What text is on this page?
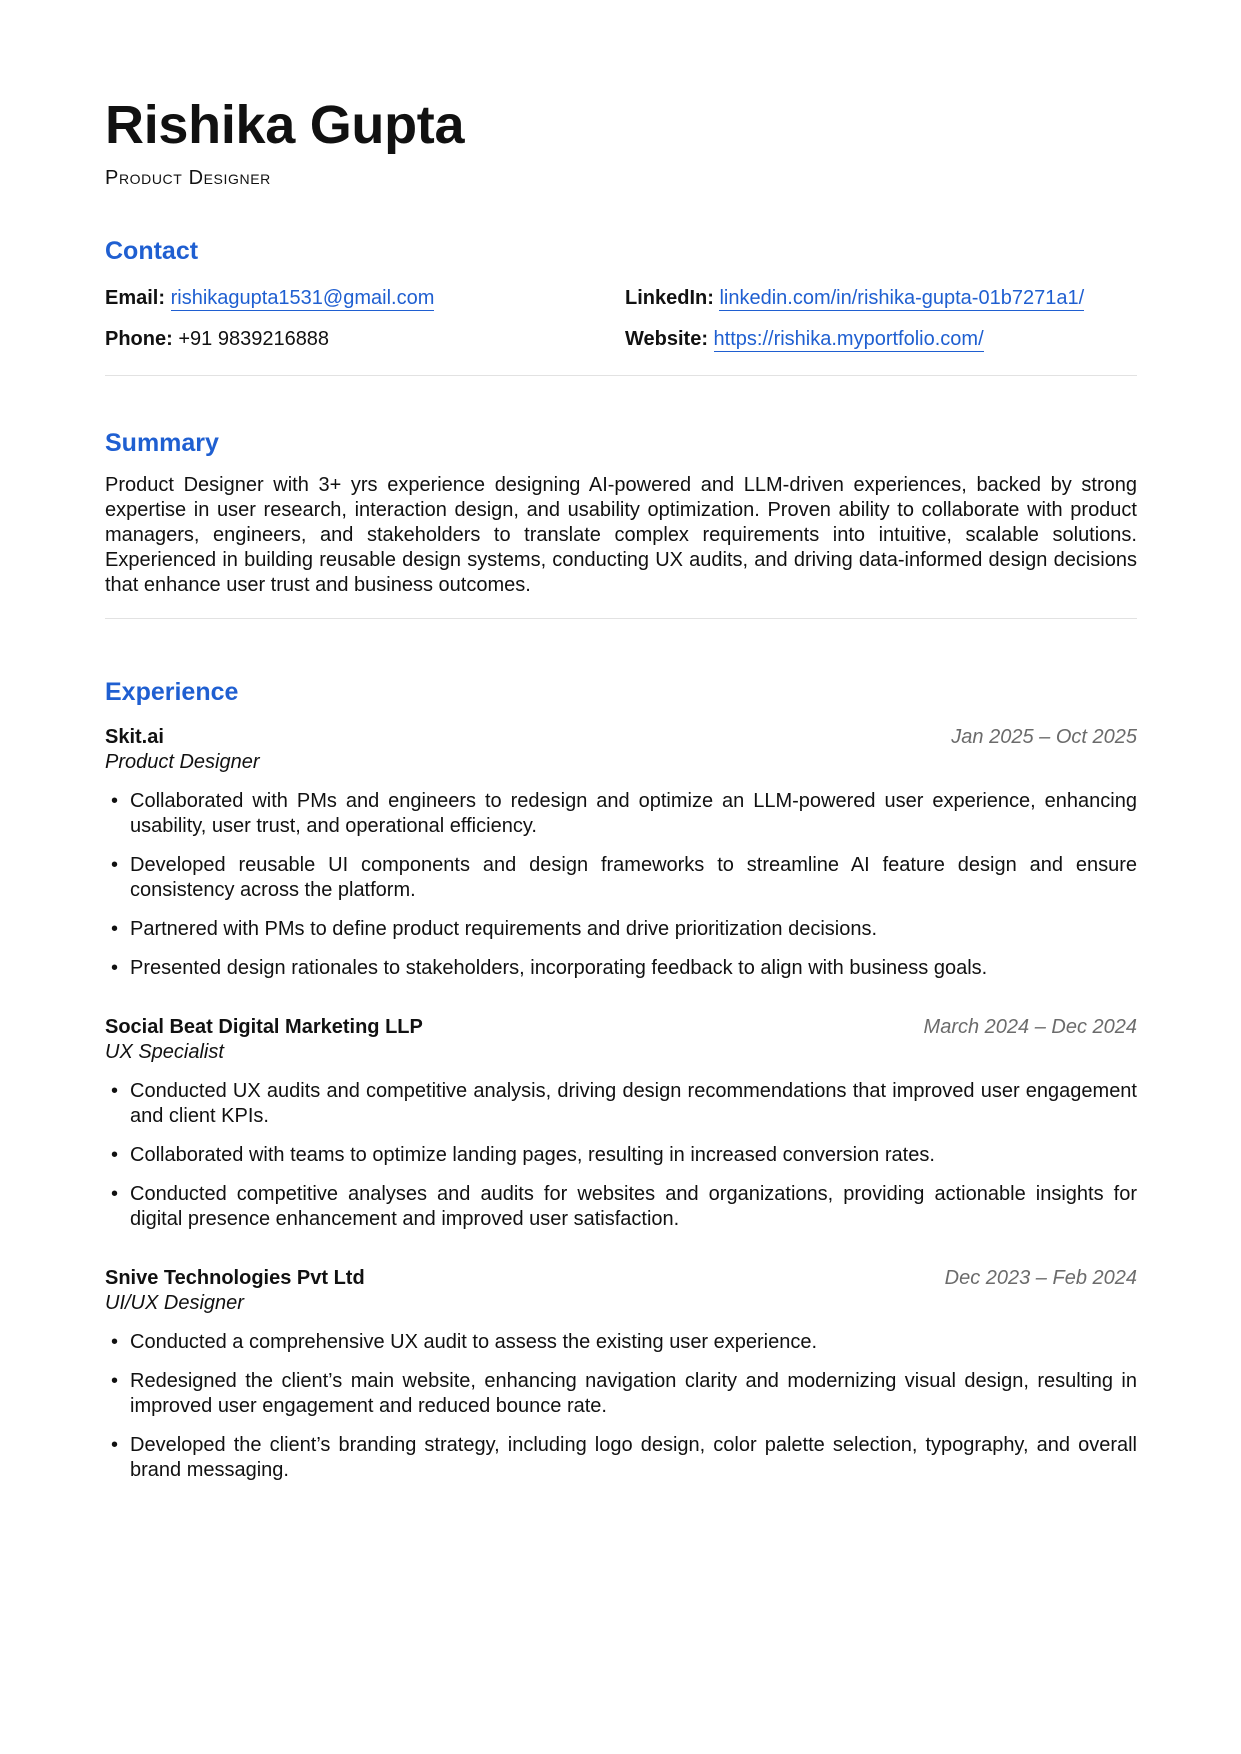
Rishika Gupta
Product Designer
Contact
Email: rishikagupta1531@gmail.com	LinkedIn: linkedin.com/in/rishika-gupta-01b7271a1/
Phone: +91 9839216888	Website: https://rishika.myportfolio.com/
Summary

Product Designer with 3+ yrs experience designing AI-powered and LLM-driven experiences, backed by strong expertise in user research, interaction design, and usability optimization. Proven ability to collaborate with product managers, engineers, and stakeholders to translate complex requirements into intuitive, scalable solutions. Experienced in building reusable design systems, conducting UX audits, and driving data-informed design decisions that enhance user trust and business outcomes.

Experience
Skit.ai	Jan 2025 – Oct 2025
Product Designer
• Collaborated with PMs and engineers to redesign and optimize an LLM-powered user experience, enhancing usability, user trust, and operational efficiency.
• Developed reusable UI components and design frameworks to streamline AI feature design and ensure consistency across the platform.
• Partnered with PMs to define product requirements and drive prioritization decisions.
• Presented design rationales to stakeholders, incorporating feedback to align with business goals.
Social Beat Digital Marketing LLP	March 2024 – Dec 2024
UX Specialist
• Conducted UX audits and competitive analysis, driving design recommendations that improved user engagement and client KPIs.
• Collaborated with teams to optimize landing pages, resulting in increased conversion rates.
• Conducted competitive analyses and audits for websites and organizations, providing actionable insights for digital presence enhancement and improved user satisfaction.
Snive Technologies Pvt Ltd	Dec 2023 – Feb 2024
UI/UX Designer
• Conducted a comprehensive UX audit to assess the existing user experience.
• Redesigned the client’s main website, enhancing navigation clarity and modernizing visual design, resulting in improved user engagement and reduced bounce rate.
• Developed the client’s branding strategy, including logo design, color palette selection, typography, and overall brand messaging.
